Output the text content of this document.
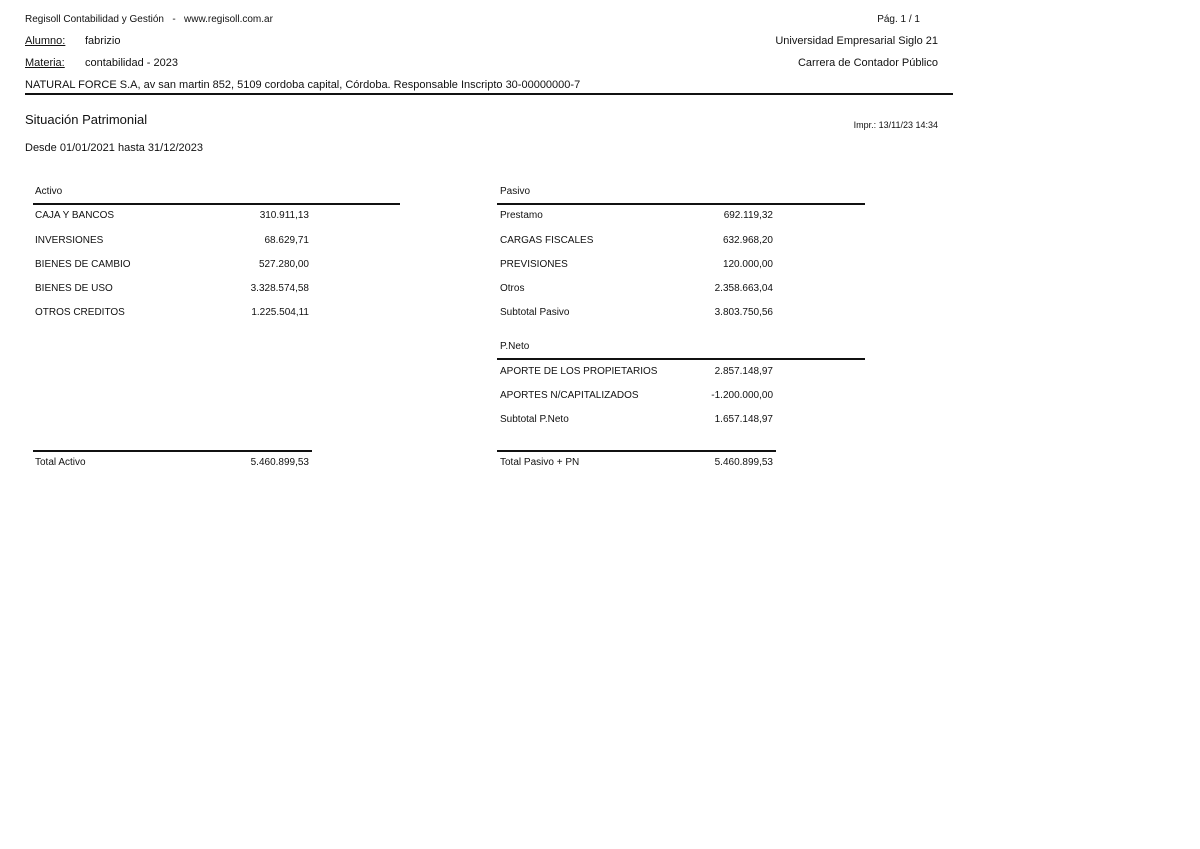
Regisoll Contabilidad y Gestión - www.regisoll.com.ar	Pág. 1 / 1
Alumno: fabrizio	Universidad Empresarial Siglo 21
Materia: contabilidad - 2023	Carrera de Contador Público
NATURAL FORCE S.A, av san martin 852, 5109 cordoba capital, Córdoba. Responsable Inscripto 30-00000000-7
Situación Patrimonial	Impr.: 13/11/23 14:34
Desde 01/01/2021 hasta 31/12/2023
Activo
CAJA Y BANCOS	310.911,13
INVERSIONES	68.629,71
BIENES DE CAMBIO	527.280,00
BIENES DE USO	3.328.574,58
OTROS CREDITOS	1.225.504,11
Total Activo	5.460.899,53
Pasivo
Prestamo	692.119,32
CARGAS FISCALES	632.968,20
PREVISIONES	120.000,00
Otros	2.358.663,04
Subtotal Pasivo	3.803.750,56
P.Neto
APORTE DE LOS PROPIETARIOS	2.857.148,97
APORTES N/CAPITALIZADOS	-1.200.000,00
Subtotal P.Neto	1.657.148,97
Total Pasivo + PN	5.460.899,53
